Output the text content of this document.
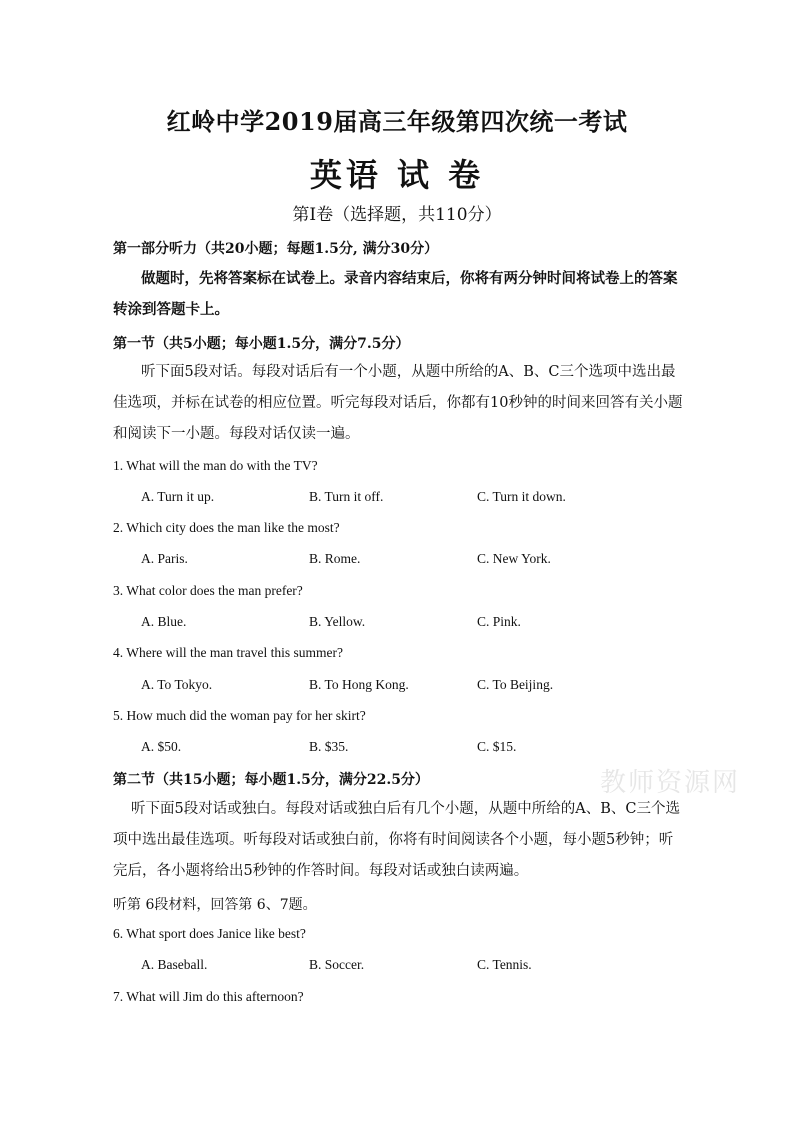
红岭中学2019届高三年级第四次统一考试
英语 试 卷
第Ⅰ卷（选择题，共110分）
第一部分听力（共20小题；每题1.5分, 满分30分）
做题时，先将答案标在试卷上。录音内容结束后，你将有两分钟时间将试卷上的答案转涂到答题卡上。
第一节（共5小题；每小题1.5分，满分7.5分）
听下面5段对话。每段对话后有一个小题，从题中所给的A、B、C三个选项中选出最佳选项，并标在试卷的相应位置。听完每段对话后，你都有10秒钟的时间来回答有关小题和阅读下一小题。每段对话仅读一遍。
1. What will the man do with the TV?
A. Turn it up.	B. Turn it off.	C. Turn it down.
2. Which city does the man like the most?
A. Paris.	B. Rome.	C. New York.
3. What color does the man prefer?
A. Blue.	B. Yellow.	C. Pink.
4. Where will the man travel this summer?
A. To Tokyo.	B. To Hong Kong.	C. To Beijing.
5. How much did the woman pay for her skirt?
A. $50.	B. $35.	C. $15.
第二节（共15小题；每小题1.5分，满分22.5分）	教师资源网
听下面5段对话或独白。每段对话或独白后有几个小题，从题中所给的A、B、C三个选项中选出最佳选项。听每段对话或独白前，你将有时间阅读各个小题，每小题5秒钟；听完后，各小题将给出5秒钟的作答时间。每段对话或独白读两遍。
听第 6段材料，回答第 6、7题。
6. What sport does Janice like best?
A. Baseball.	B. Soccer.	C. Tennis.
7. What will Jim do this afternoon?
